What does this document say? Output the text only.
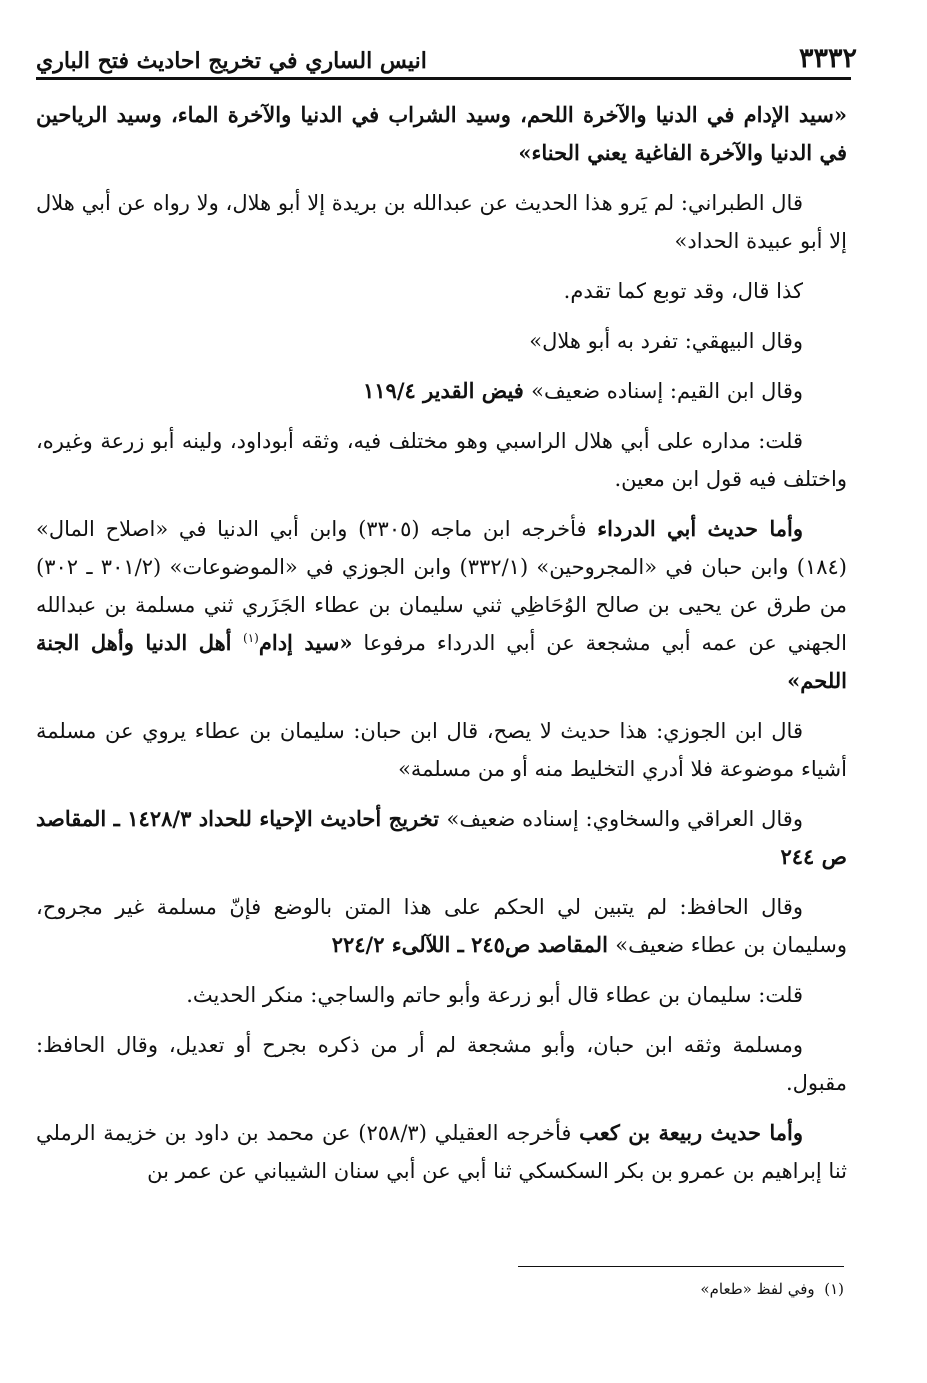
٣٣٣٢
انيس الساري في تخريج احاديث فتح الباري

«سيد الإدام في الدنيا والآخرة اللحم، وسيد الشراب في الدنيا والآخرة الماء، وسيد الرياحين في الدنيا والآخرة الفاغية يعني الحناء»

قال الطبراني: لم يَرو هذا الحديث عن عبدالله بن بريدة إلا أبو هلال، ولا رواه عن أبي هلال إلا أبو عبيدة الحداد»

كذا قال، وقد توبع كما تقدم.

وقال البيهقي: تفرد به أبو هلال»

وقال ابن القيم: إسناده ضعيف» فيض القدير ١١٩/٤

قلت: مداره على أبي هلال الراسبي وهو مختلف فيه، وثقه أبوداود، ولينه أبو زرعة وغيره، واختلف فيه قول ابن معين.

وأما حديث أبي الدرداء فأخرجه ابن ماجه (٣٣٠٥) وابن أبي الدنيا في «اصلاح المال» (١٨٤) وابن حبان في «المجروحين» (٣٣٢/١) وابن الجوزي في «الموضوعات» (٣٠١/٢ ـ ٣٠٢) من طرق عن يحيى بن صالح الوُحَاظِي ثني سليمان بن عطاء الجَزَري ثني مسلمة بن عبدالله الجهني عن عمه أبي مشجعة عن أبي الدرداء مرفوعا «سيد إدام$^{(١)}$ أهل الدنيا وأهل الجنة اللحم»

قال ابن الجوزي: هذا حديث لا يصح، قال ابن حبان: سليمان بن عطاء يروي عن مسلمة أشياء موضوعة فلا أدري التخليط منه أو من مسلمة»

وقال العراقي والسخاوي: إسناده ضعيف» تخريج أحاديث الإحياء للحداد ١٤٢٨/٣ ـ المقاصد ص ٢٤٤

وقال الحافظ: لم يتبين لي الحكم على هذا المتن بالوضع فإنّ مسلمة غير مجروح، وسليمان بن عطاء ضعيف» المقاصد ص٢٤٥ ـ اللآلىء ٢٢٤/٢

قلت: سليمان بن عطاء قال أبو زرعة وأبو حاتم والساجي: منكر الحديث.

ومسلمة وثقه ابن حبان، وأبو مشجعة لم أر من ذكره بجرح أو تعديل، وقال الحافظ: مقبول.

وأما حديث ربيعة بن كعب فأخرجه العقيلي (٢٥٨/٣) عن محمد بن داود بن خزيمة الرملي ثنا إبراهيم بن عمرو بن بكر السكسكي ثنا أبي عن أبي سنان الشيباني عن عمر بن

(١)  وفي لفظ «طعام»
